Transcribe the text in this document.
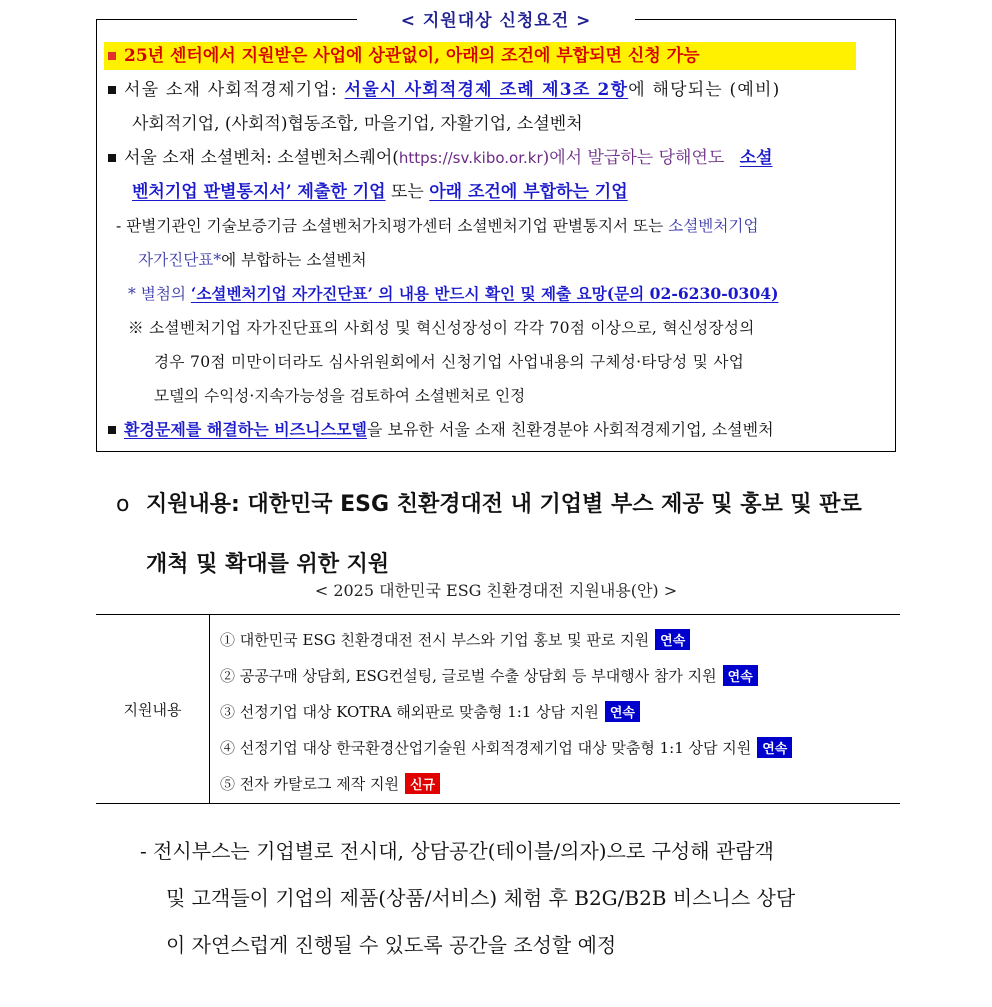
< 지원대상 신청요건 >
25년 센터에서 지원받은 사업에 상관없이, 아래의 조건에 부합되면 신청 가능
서울 소재 사회적경제기업: 서울시 사회적경제 조례 제3조 2항에 해당되는 (예비)
사회적기업, (사회적)협동조합, 마을기업, 자활기업, 소셜벤처
서울 소재 소셜벤처: 소셜벤처스퀘어(https://sv.kibo.or.kr)에서 발급하는 당해연도 소셜
벤처기업 판별통지서’ 제출한 기업 또는 아래 조건에 부합하는 기업
- 판별기관인 기술보증기금 소셜벤처가치평가센터 소셜벤처기업 판별통지서 또는 소셜벤처기업
자가진단표*에 부합하는 소셜벤처
* 별첨의 ‘소셜벤처기업 자가진단표’ 의 내용 반드시 확인 및 제출 요망(문의 02-6230-0304)
※ 소셜벤처기업 자가진단표의 사회성 및 혁신성장성이 각각 70점 이상으로, 혁신성장성의
경우 70점 미만이더라도 심사위원회에서 신청기업 사업내용의 구체성·타당성 및 사업
모델의 수익성·지속가능성을 검토하여 소셜벤처로 인정
환경문제를 해결하는 비즈니스모델을 보유한 서울 소재 친환경분야 사회적경제기업, 소셜벤처
o 지원내용: 대한민국 ESG 친환경대전 내 기업별 부스 제공 및 홍보 및 판로
개척 및 확대를 위한 지원
< 2025 대한민국 ESG 친환경대전 지원내용(안) >
지원내용
① 대한민국 ESG 친환경대전 전시 부스와 기업 홍보 및 판로 지원 연속
② 공공구매 상담회, ESG컨설팅, 글로벌 수출 상담회 등 부대행사 참가 지원 연속
③ 선정기업 대상 KOTRA 해외판로 맞춤형 1:1 상담 지원 연속
④ 선정기업 대상 한국환경산업기술원 사회적경제기업 대상 맞춤형 1:1 상담 지원 연속
⑤ 전자 카탈로그 제작 지원 신규
- 전시부스는 기업별로 전시대, 상담공간(테이블/의자)으로 구성해 관람객
및 고객들이 기업의 제품(상품/서비스) 체험 후 B2G/B2B 비스니스 상담
이 자연스럽게 진행될 수 있도록 공간을 조성할 예정
